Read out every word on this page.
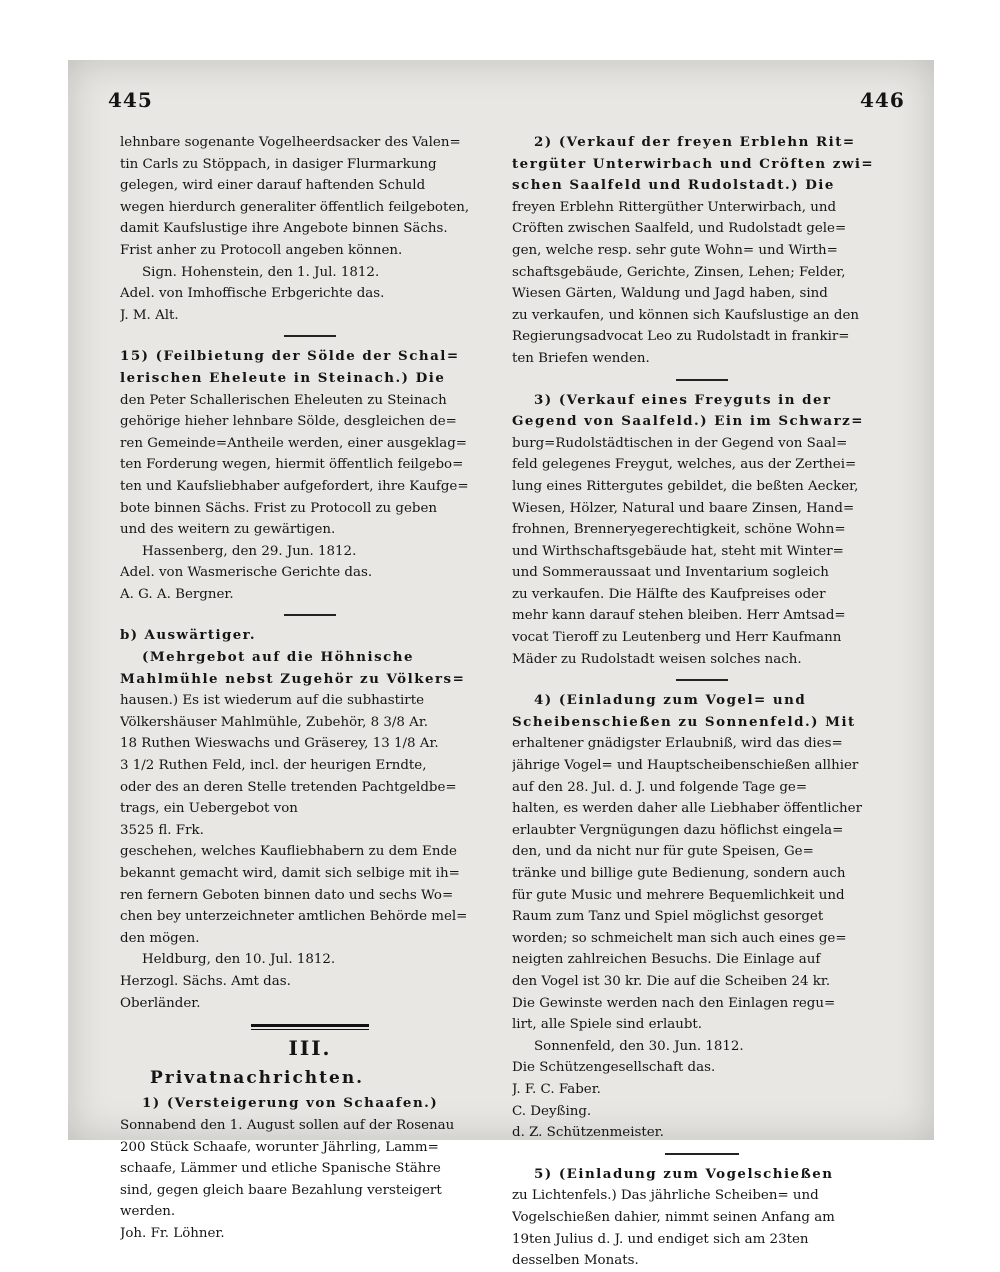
445	446
lehnbare sogenante Vogelheerdsacker des Valen=
tin Carls zu Stöppach, in dasiger Flurmarkung
gelegen, wird einer darauf haftenden Schuld
wegen hierdurch generaliter öffentlich feilgeboten,
damit Kaufslustige ihre Angebote binnen Sächs.
Frist anher zu Protocoll angeben können.
Sign. Hohenstein, den 1. Jul. 1812.
Adel. von Imhoffische Erbgerichte das.
J. M. Alt.
15) (Feilbietung der Sölde der Schal=
lerischen Eheleute in Steinach.) Die
den Peter Schallerischen Eheleuten zu Steinach
gehörige hieher lehnbare Sölde, desgleichen de=
ren Gemeinde=Antheile werden, einer ausgeklag=
ten Forderung wegen, hiermit öffentlich feilgebo=
ten und Kaufsliebhaber aufgefordert, ihre Kaufge=
bote binnen Sächs. Frist zu Protocoll zu geben
und des weitern zu gewärtigen.
Hassenberg, den 29. Jun. 1812.
Adel. von Wasmerische Gerichte das.
A. G. A. Bergner.
b) Auswärtiger.
(Mehrgebot auf die Höhnische
Mahlmühle nebst Zugehör zu Völkers=
hausen.) Es ist wiederum auf die subhastirte
Völkershäuser Mahlmühle, Zubehör, 8 3/8 Ar.
18 Ruthen Wieswachs und Gräserey, 13 1/8 Ar.
3 1/2 Ruthen Feld, incl. der heurigen Erndte,
oder des an deren Stelle tretenden Pachtgeldbe=
trags, ein Uebergebot von
3525 fl. Frk.
geschehen, welches Kaufliebhabern zu dem Ende
bekannt gemacht wird, damit sich selbige mit ih=
ren fernern Geboten binnen dato und sechs Wo=
chen bey unterzeichneter amtlichen Behörde mel=
den mögen.
Heldburg, den 10. Jul. 1812.
Herzogl. Sächs. Amt das.
Oberländer.
III.
Privatnachrichten.
1) (Versteigerung von Schaafen.)
Sonnabend den 1. August sollen auf der Rosenau
200 Stück Schaafe, worunter Jährling, Lamm=
schaafe, Lämmer und etliche Spanische Stähre
sind, gegen gleich baare Bezahlung versteigert
werden.
Joh. Fr. Löhner.
2) (Verkauf der freyen Erblehn Rit=
tergüter Unterwirbach und Cröften zwi=
schen Saalfeld und Rudolstadt.) Die
freyen Erblehn Rittergüther Unterwirbach, und
Cröften zwischen Saalfeld, und Rudolstadt gele=
gen, welche resp. sehr gute Wohn= und Wirth=
schaftsgebäude, Gerichte, Zinsen, Lehen; Felder,
Wiesen Gärten, Waldung und Jagd haben, sind
zu verkaufen, und können sich Kaufslustige an den
Regierungsadvocat Leo zu Rudolstadt in frankir=
ten Briefen wenden.
3) (Verkauf eines Freyguts in der
Gegend von Saalfeld.) Ein im Schwarz=
burg=Rudolstädtischen in der Gegend von Saal=
feld gelegenes Freygut, welches, aus der Zerthei=
lung eines Rittergutes gebildet, die beßten Aecker,
Wiesen, Hölzer, Natural und baare Zinsen, Hand=
frohnen, Brenneryegerechtigkeit, schöne Wohn=
und Wirthschaftsgebäude hat, steht mit Winter=
und Sommeraussaat und Inventarium sogleich
zu verkaufen. Die Hälfte des Kaufpreises oder
mehr kann darauf stehen bleiben. Herr Amtsad=
vocat Tieroff zu Leutenberg und Herr Kaufmann
Mäder zu Rudolstadt weisen solches nach.
4) (Einladung zum Vogel= und
Scheibenschießen zu Sonnenfeld.) Mit
erhaltener gnädigster Erlaubniß, wird das dies=
jährige Vogel= und Hauptscheibenschießen allhier
auf den 28. Jul. d. J. und folgende Tage ge=
halten, es werden daher alle Liebhaber öffentlicher
erlaubter Vergnügungen dazu höflichst eingela=
den, und da nicht nur für gute Speisen, Ge=
tränke und billige gute Bedienung, sondern auch
für gute Music und mehrere Bequemlichkeit und
Raum zum Tanz und Spiel möglichst gesorget
worden; so schmeichelt man sich auch eines ge=
neigten zahlreichen Besuchs. Die Einlage auf
den Vogel ist 30 kr. Die auf die Scheiben 24 kr.
Die Gewinste werden nach den Einlagen regu=
lirt, alle Spiele sind erlaubt.
Sonnenfeld, den 30. Jun. 1812.
Die Schützengesellschaft das.
J. F. C. Faber.
C. Deyßing.
d. Z. Schützenmeister.
5) (Einladung zum Vogelschießen
zu Lichtenfels.) Das jährliche Scheiben= und
Vogelschießen dahier, nimmt seinen Anfang am
19ten Julius d. J. und endiget sich am 23ten
desselben Monats.
